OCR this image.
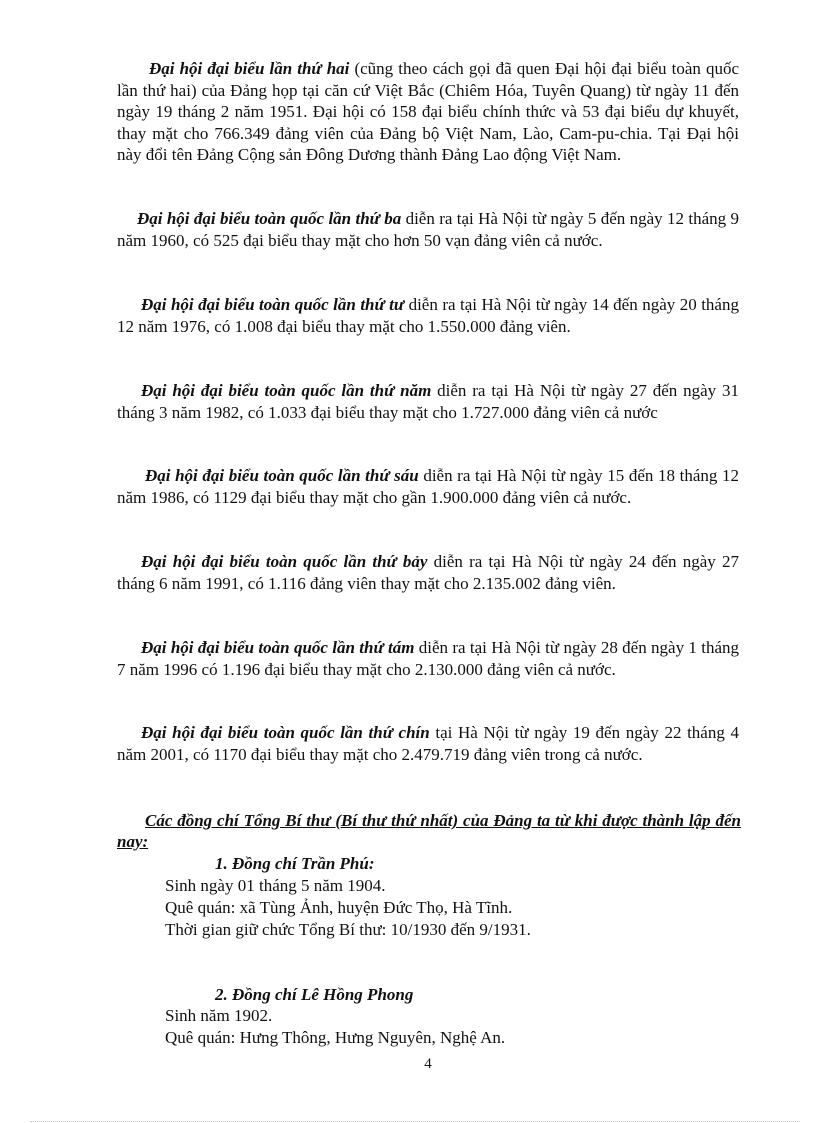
Đại hội đại biểu lần thứ hai (cũng theo cách gọi đã quen Đại hội đại biểu toàn quốc lần thứ hai) của Đảng họp tại căn cứ Việt Bắc (Chiêm Hóa, Tuyên Quang) từ ngày 11 đến ngày 19 tháng 2 năm 1951. Đại hội có 158 đại biểu chính thức và 53 đại biểu dự khuyết, thay mặt cho 766.349 đảng viên của Đảng bộ Việt Nam, Lào, Cam-pu-chia. Tại Đại hội này đổi tên Đảng Cộng sản Đông Dương thành Đảng Lao động Việt Nam.

Đại hội đại biểu toàn quốc lần thứ ba diễn ra tại Hà Nội từ ngày 5 đến ngày 12 tháng 9 năm 1960, có 525 đại biểu thay mặt cho hơn 50 vạn đảng viên cả nước.

Đại hội đại biểu toàn quốc lần thứ tư diễn ra tại Hà Nội từ ngày 14 đến ngày 20 tháng 12 năm 1976, có 1.008 đại biểu thay mặt cho 1.550.000 đảng viên.

Đại hội đại biểu toàn quốc lần thứ năm diễn ra tại Hà Nội từ ngày 27 đến ngày 31 tháng 3 năm 1982, có 1.033 đại biểu thay mặt cho 1.727.000 đảng viên cả nước

Đại hội đại biểu toàn quốc lần thứ sáu diễn ra tại Hà Nội từ ngày 15 đến 18 tháng 12 năm 1986, có 1129 đại biểu thay mặt cho gần 1.900.000 đảng viên cả nước.

Đại hội đại biểu toàn quốc lần thứ bảy diễn ra tại Hà Nội từ ngày 24 đến ngày 27 tháng 6 năm 1991, có 1.116 đảng viên thay mặt cho 2.135.002 đảng viên.

Đại hội đại biểu toàn quốc lần thứ tám diễn ra tại Hà Nội từ ngày 28 đến ngày 1 tháng 7 năm 1996 có 1.196 đại biểu thay mặt cho 2.130.000 đảng viên cả nước.

Đại hội đại biểu toàn quốc lần thứ chín tại Hà Nội từ ngày 19 đến ngày 22 tháng 4 năm 2001, có 1170 đại biểu thay mặt cho 2.479.719 đảng viên trong cả nước.

Các đồng chí Tổng Bí thư (Bí thư thứ nhất) của Đảng ta từ khi được thành lập đến nay:

1. Đồng chí Trần Phú:

Sinh ngày 01 tháng 5 năm 1904.

Quê quán: xã Tùng Ảnh, huyện Đức Thọ, Hà Tĩnh.

Thời gian giữ chức Tổng Bí thư: 10/1930 đến 9/1931.

2. Đồng chí Lê Hồng Phong

Sinh năm 1902.

Quê quán: Hưng Thông, Hưng Nguyên, Nghệ An.

4
